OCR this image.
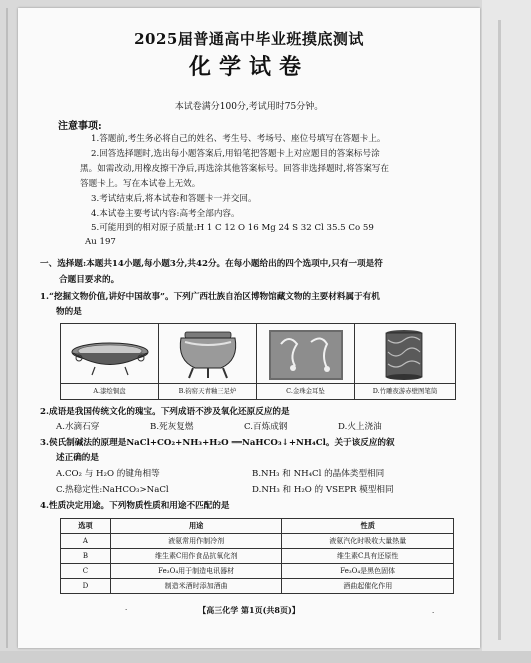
2025届普通高中毕业班摸底测试
化学试卷
本试卷满分100分,考试用时75分钟。
注意事项:
1.答题前,考生务必将自己的姓名、考生号、考场号、座位号填写在答题卡上。
2.回答选择题时,选出每小题答案后,用铅笔把答题卡上对应题目的答案标号涂
黑。如需改动,用橡皮擦干净后,再选涂其他答案标号。回答非选择题时,将答案写在
答题卡上。写在本试卷上无效。
3.考试结束后,将本试卷和答题卡一并交回。
4.本试卷主要考试内容:高考全部内容。
5.可能用到的相对原子质量:H 1 C 12 O 16 Mg 24 S 32 Cl 35.5 Co 59
Au 197
一、选择题:本题共14小题,每小题3分,共42分。在每小题给出的四个选项中,只有一项是符
合题目要求的。
1.“挖掘文物价值,讲好中国故事”。下列广西壮族自治区博物馆藏文物的主要材料属于有机
物的是
A.漆绘铜盘	B.钧窑天青釉三足炉	C.金珠金耳坠	D.竹雕夜游赤壁图笔筒
2.成语是我国传统文化的瑰宝。下列成语不涉及氧化还原反应的是
A.水滴石穿	B.死灰复燃	C.百炼成钢	D.火上浇油
3.侯氏制碱法的原理是NaCl+CO₂+NH₃+H₂O ══NaHCO₃↓+NH₄Cl。关于该反应的叙
述正确的是
A.CO₂ 与 H₂O 的键角相等	B.NH₃ 和 NH₄Cl 的晶体类型相同
C.热稳定性:NaHCO₃>NaCl	D.NH₃ 和 H₂O 的 VSEPR 模型相同
4.性质决定用途。下列物质性质和用途不匹配的是
选项	用途	性质
A	液氨常用作制冷剂	液氨汽化时吸收大量热量
B	维生素C用作食品抗氧化剂	维生素C具有还原性
C	Fe₃O₄用于制造电讯器材	Fe₃O₄是黑色固体
D	制造米酒时添加酒曲	酒曲起催化作用
·	【高三化学 第1页(共8页)】	·
